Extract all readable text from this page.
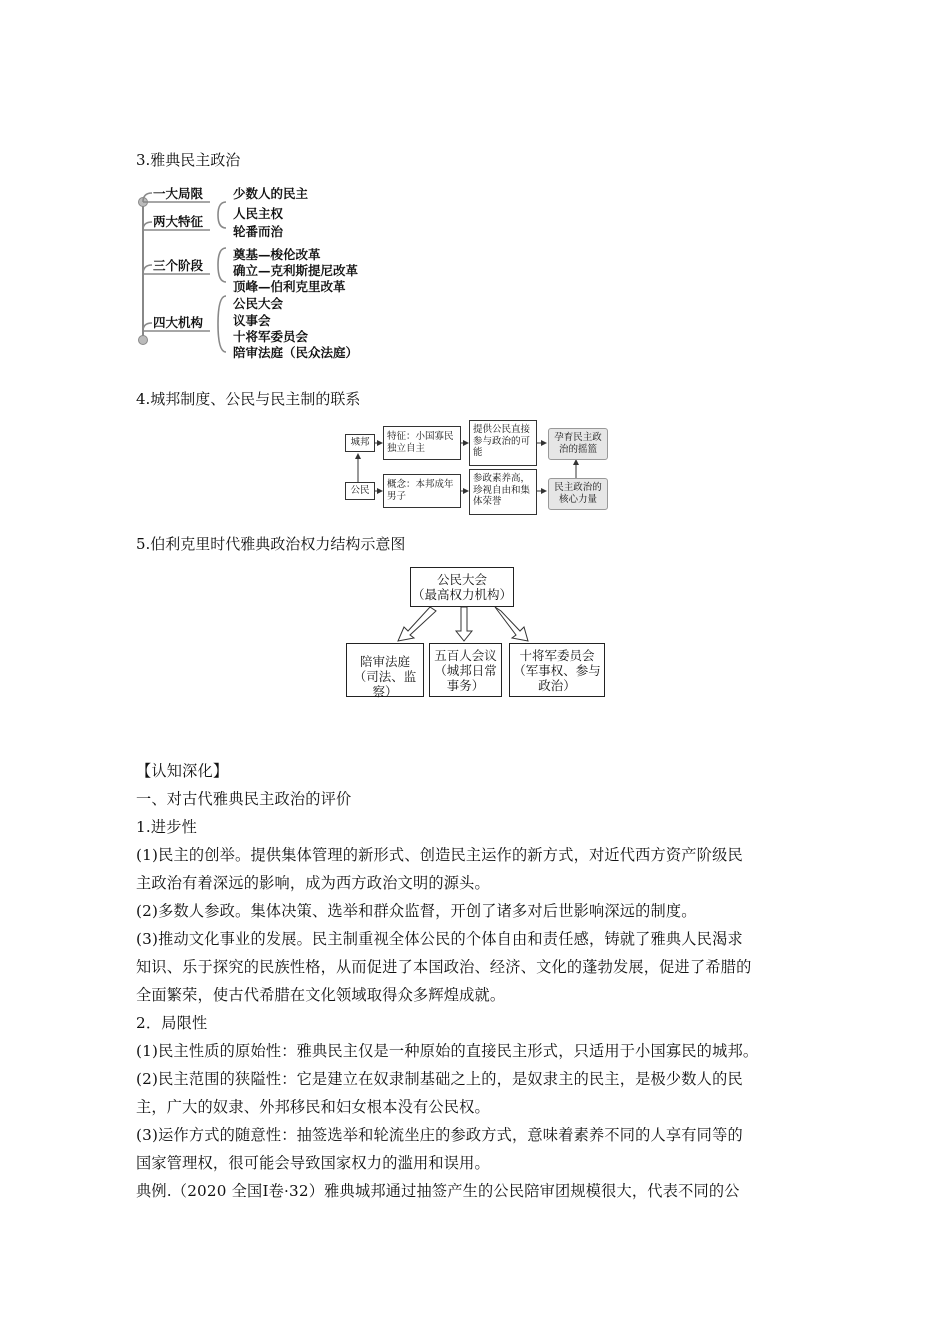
3.雅典民主政治
一大局限
两大特征
三个阶段
四大机构
少数人的民主
人民主权
轮番而治
奠基—梭伦改革
确立—克利斯提尼改革
顶峰—伯利克里改革
公民大会
议事会
十将军委员会
陪审法庭（民众法庭）
4.城邦制度、公民与民主制的联系
城邦
公民
特征：小国寡民独立自主
概念：本邦成年男子
提供公民直接参与政治的可能
参政素养高，珍视自由和集体荣誉
孕育民主政治的摇篮
民主政治的核心力量
5.伯利克里时代雅典政治权力结构示意图
公民大会
（最高权力机构）
陪审法庭
（司法、监察）
五百人会议
（城邦日常
事务）
十将军委员会
（军事权、参与
政治）
【认知深化】
一、对古代雅典民主政治的评价
1.进步性
(1)民主的创举。提供集体管理的新形式、创造民主运作的新方式，对近代西方资产阶级民
主政治有着深远的影响，成为西方政治文明的源头。
(2)多数人参政。集体决策、选举和群众监督，开创了诸多对后世影响深远的制度。
(3)推动文化事业的发展。民主制重视全体公民的个体自由和责任感，铸就了雅典人民渴求
知识、乐于探究的民族性格，从而促进了本国政治、经济、文化的蓬勃发展，促进了希腊的
全面繁荣，使古代希腊在文化领域取得众多辉煌成就。
2．局限性
(1)民主性质的原始性：雅典民主仅是一种原始的直接民主形式，只适用于小国寡民的城邦。
(2)民主范围的狭隘性：它是建立在奴隶制基础之上的，是奴隶主的民主，是极少数人的民
主，广大的奴隶、外邦移民和妇女根本没有公民权。
(3)运作方式的随意性：抽签选举和轮流坐庄的参政方式，意味着素养不同的人享有同等的
国家管理权，很可能会导致国家权力的滥用和误用。
典例.（2020 全国Ⅰ卷·32）雅典城邦通过抽签产生的公民陪审团规模很大，代表不同的公
